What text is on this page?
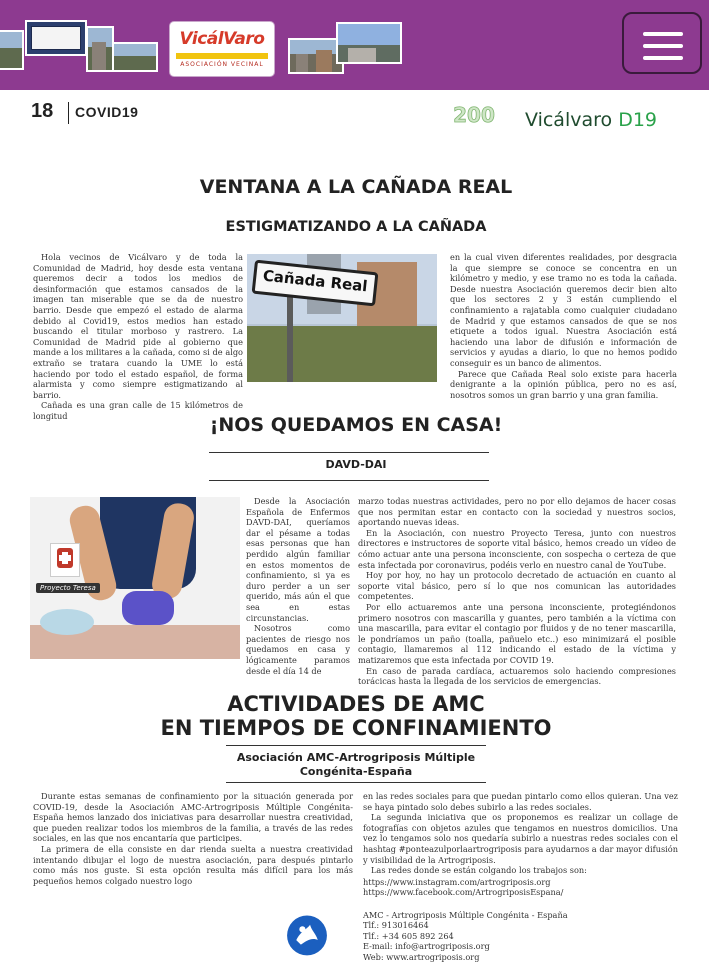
VicálVaro
ASOCIACIÓN VECINAL
18 COVID19	200 Vicálvaro D19
VENTANA A LA CAÑADA REAL
ESTIGMATIZANDO A LA CAÑADA

Hola vecinos de Vicálvaro y de toda la Comunidad de Madrid, hoy desde esta ventana queremos decir a todos los medios de desinformación que estamos cansados de la imagen tan miserable que se da de nuestro barrio. Desde que empezó el estado de alarma debido al Covid19, estos medios han estado buscando el titular morboso y rastrero. La Comunidad de Madrid pide al gobierno que mande a los militares a la cañada, como si de algo extraño se tratara cuando la UME lo está haciendo por todo el estado español, de forma alarmista y como siempre estigmatizando al barrio.

Cañada es una gran calle de 15 kilómetros de longitud

Cañada Real

en la cual viven diferentes realidades, por desgracia la que siempre se conoce se concentra en un kilómetro y medio, y ese tramo no es toda la cañada. Desde nuestra Asociación queremos decir bien alto que los sectores 2 y 3 están cumpliendo el confinamiento a rajatabla como cualquier ciudadano de Madrid y que estamos cansados de que se nos etiquete a todos igual. Nuestra Asociación está haciendo una labor de difusión e información de servicios y ayudas a diario, lo que no hemos podido conseguir es un banco de alimentos.

Parece que Cañada Real solo existe para hacerla denigrante a la opinión pública, pero no es así, nosotros somos un gran barrio y una gran familia.

¡NOS QUEDAMOS EN CASA!
DAVD-DAI
Proyecto Teresa

Desde la Asociación Española de Enfermos DAVD-DAI, queríamos dar el pésame a todas esas personas que han perdido algún familiar en estos momentos de confinamiento, si ya es duro perder a un ser querido, más aún el que sea en estas circunstancias.

Nosotros como pacientes de riesgo nos quedamos en casa y lógicamente paramos desde el día 14 de

marzo todas nuestras actividades, pero no por ello dejamos de hacer cosas que nos permitan estar en contacto con la sociedad y nuestros socios, aportando nuevas ideas.

En la Asociación, con nuestro Proyecto Teresa, junto con nuestros directores e instructores de soporte vital básico, hemos creado un vídeo de cómo actuar ante una persona inconsciente, con sospecha o certeza de que esta infectada por coronavirus, podéis verlo en nuestro canal de YouTube.

Hoy por hoy, no hay un protocolo decretado de actuación en cuanto al soporte vital básico, pero sí lo que nos comunican las autoridades competentes.

Por ello actuaremos ante una persona inconsciente, protegiéndonos primero nosotros con mascarilla y guantes, pero también a la víctima con una mascarilla, para evitar el contagio por fluidos y de no tener mascarilla, le pondríamos un paño (toalla, pañuelo etc..) eso minimizará el posible contagio, llamaremos al 112 indicando el estado de la víctima y matizaremos que esta infectada por COVID 19.

En caso de parada cardíaca, actuaremos solo haciendo compresiones torácicas hasta la llegada de los servicios de emergencias.

ACTIVIDADES DE AMC
EN TIEMPOS DE CONFINAMIENTO
Asociación AMC-Artrogriposis Múltiple
Congénita-España

Durante estas semanas de confinamiento por la situación generada por COVID-19, desde la Asociación AMC-Artrogriposis Múltiple Congénita-España hemos lanzado dos iniciativas para desarrollar nuestra creatividad, que pueden realizar todos los miembros de la familia, a través de las redes sociales, en las que nos encantaría que participes.

La primera de ella consiste en dar rienda suelta a nuestra creatividad intentando dibujar el logo de nuestra asociación, para después pintarlo como más nos guste. Si esta opción resulta más difícil para los más pequeños hemos colgado nuestro logo

en las redes sociales para que puedan pintarlo como ellos quieran. Una vez se haya pintado solo debes subirlo a las redes sociales.

La segunda iniciativa que os proponemos es realizar un collage de fotografías con objetos azules que tengamos en nuestros domicilios. Una vez lo tengamos solo nos quedaría subirlo a nuestras redes sociales con el hashtag #ponteazulporlaartrogriposis para ayudarnos a dar mayor difusión y visibilidad de la Artrogriposis.

Las redes donde se están colgando los trabajos son:

https://www.instagram.com/artrogriposis.org
https://www.facebook.com/ArtrogriposisEspana/
AMC - Artrogriposis Múltiple Congénita - España
Tlf.: 913016464
Tlf.: +34 605 892 264
E-mail: info@artrogriposis.org
Web: www.artrogriposis.org
